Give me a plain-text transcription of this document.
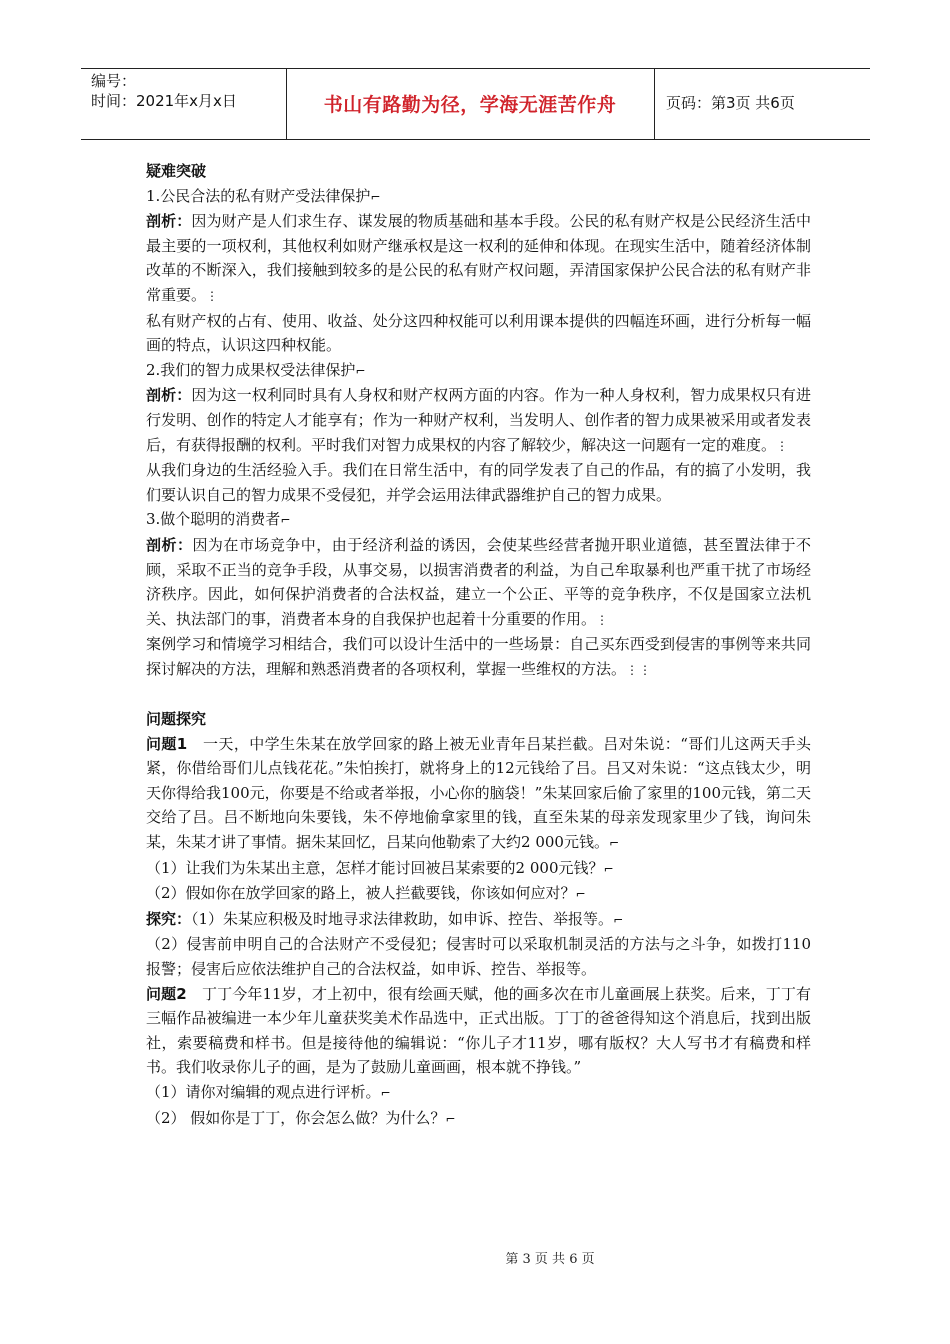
编号：
时间：2021年x月x日	书山有路勤为径，学海无涯苦作舟	页码：第3页 共6页

疑难突破

1.公民合法的私有财产受法律保护⌐

剖析：因为财产是人们求生存、谋发展的物质基础和基本手段。公民的私有财产权是公民经济生活中最主要的一项权利，其他权利如财产继承权是这一权利的延伸和体现。在现实生活中，随着经济体制改革的不断深入，我们接触到较多的是公民的私有财产权问题，弄清国家保护公民合法的私有财产非常重要。⋮

私有财产权的占有、使用、收益、处分这四种权能可以利用课本提供的四幅连环画，进行分析每一幅画的特点，认识这四种权能。

2.我们的智力成果权受法律保护⌐

剖析：因为这一权利同时具有人身权和财产权两方面的内容。作为一种人身权利，智力成果权只有进行发明、创作的特定人才能享有；作为一种财产权利，当发明人、创作者的智力成果被采用或者发表后，有获得报酬的权利。平时我们对智力成果权的内容了解较少，解决这一问题有一定的难度。⋮

从我们身边的生活经验入手。我们在日常生活中，有的同学发表了自己的作品，有的搞了小发明，我们要认识自己的智力成果不受侵犯，并学会运用法律武器维护自己的智力成果。

3.做个聪明的消费者⌐

剖析：因为在市场竞争中，由于经济利益的诱因，会使某些经营者抛开职业道德，甚至置法律于不顾，采取不正当的竞争手段，从事交易，以损害消费者的利益，为自己牟取暴利也严重干扰了市场经济秩序。因此，如何保护消费者的合法权益，建立一个公正、平等的竞争秩序，不仅是国家立法机关、执法部门的事，消费者本身的自我保护也起着十分重要的作用。⋮

案例学习和情境学习相结合，我们可以设计生活中的一些场景：自己买东西受到侵害的事例等来共同探讨解决的方法，理解和熟悉消费者的各项权利，掌握一些维权的方法。⋮⋮

问题探究

问题1　 一天，中学生朱某在放学回家的路上被无业青年吕某拦截。吕对朱说：“哥们儿这两天手头紧，你借给哥们儿点钱花花。”朱怕挨打，就将身上的12元钱给了吕。吕又对朱说：“这点钱太少，明天你得给我100元，你要是不给或者举报，小心你的脑袋！”朱某回家后偷了家里的100元钱，第二天交给了吕。吕不断地向朱要钱，朱不停地偷拿家里的钱，直至朱某的母亲发现家里少了钱，询问朱某，朱某才讲了事情。据朱某回忆，吕某向他勒索了大约2 000元钱。⌐

（1）让我们为朱某出主意，怎样才能讨回被吕某索要的2 000元钱？⌐

（2）假如你在放学回家的路上，被人拦截要钱，你该如何应对？⌐

探究：（1）朱某应积极及时地寻求法律救助，如申诉、控告、举报等。⌐

（2）侵害前申明自己的合法财产不受侵犯；侵害时可以采取机制灵活的方法与之斗争，如拨打110报警；侵害后应依法维护自己的合法权益，如申诉、控告、举报等。

问题2　 丁丁今年11岁，才上初中，很有绘画天赋，他的画多次在市儿童画展上获奖。后来，丁丁有三幅作品被编进一本少年儿童获奖美术作品选中，正式出版。丁丁的爸爸得知这个消息后，找到出版社，索要稿费和样书。但是接待他的编辑说：“你儿子才11岁，哪有版权？大人写书才有稿费和样书。我们收录你儿子的画，是为了鼓励儿童画画，根本就不挣钱。”

（1）请你对编辑的观点进行评析。⌐

（2） 假如你是丁丁，你会怎么做？为什么？⌐

第 3 页 共 6 页
